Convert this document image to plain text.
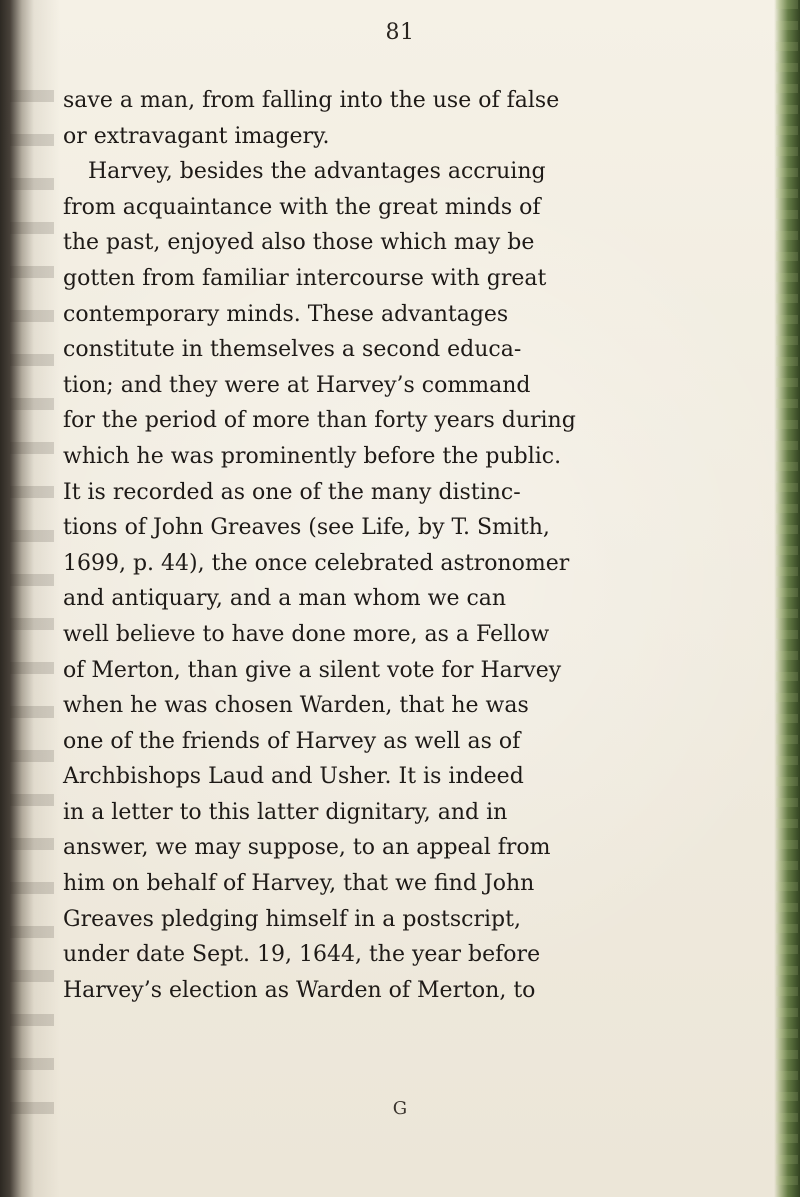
81
save a man, from falling into the use of false
or extravagant imagery.
Harvey, besides the advantages accruing
from acquaintance with the great minds of
the past, enjoyed also those which may be
gotten from familiar intercourse with great
contemporary minds. These advantages
constitute in themselves a second educa-
tion; and they were at Harvey’s command
for the period of more than forty years during
which he was prominently before the public.
It is recorded as one of the many distinc-
tions of John Greaves (see Life, by T. Smith,
1699, p. 44), the once celebrated astronomer
and antiquary, and a man whom we can
well believe to have done more, as a Fellow
of Merton, than give a silent vote for Harvey
when he was chosen Warden, that he was
one of the friends of Harvey as well as of
Archbishops Laud and Usher. It is indeed
in a letter to this latter dignitary, and in
answer, we may suppose, to an appeal from
him on behalf of Harvey, that we find John
Greaves pledging himself in a postscript,
under date Sept. 19, 1644, the year before
Harvey’s election as Warden of Merton, to
G
